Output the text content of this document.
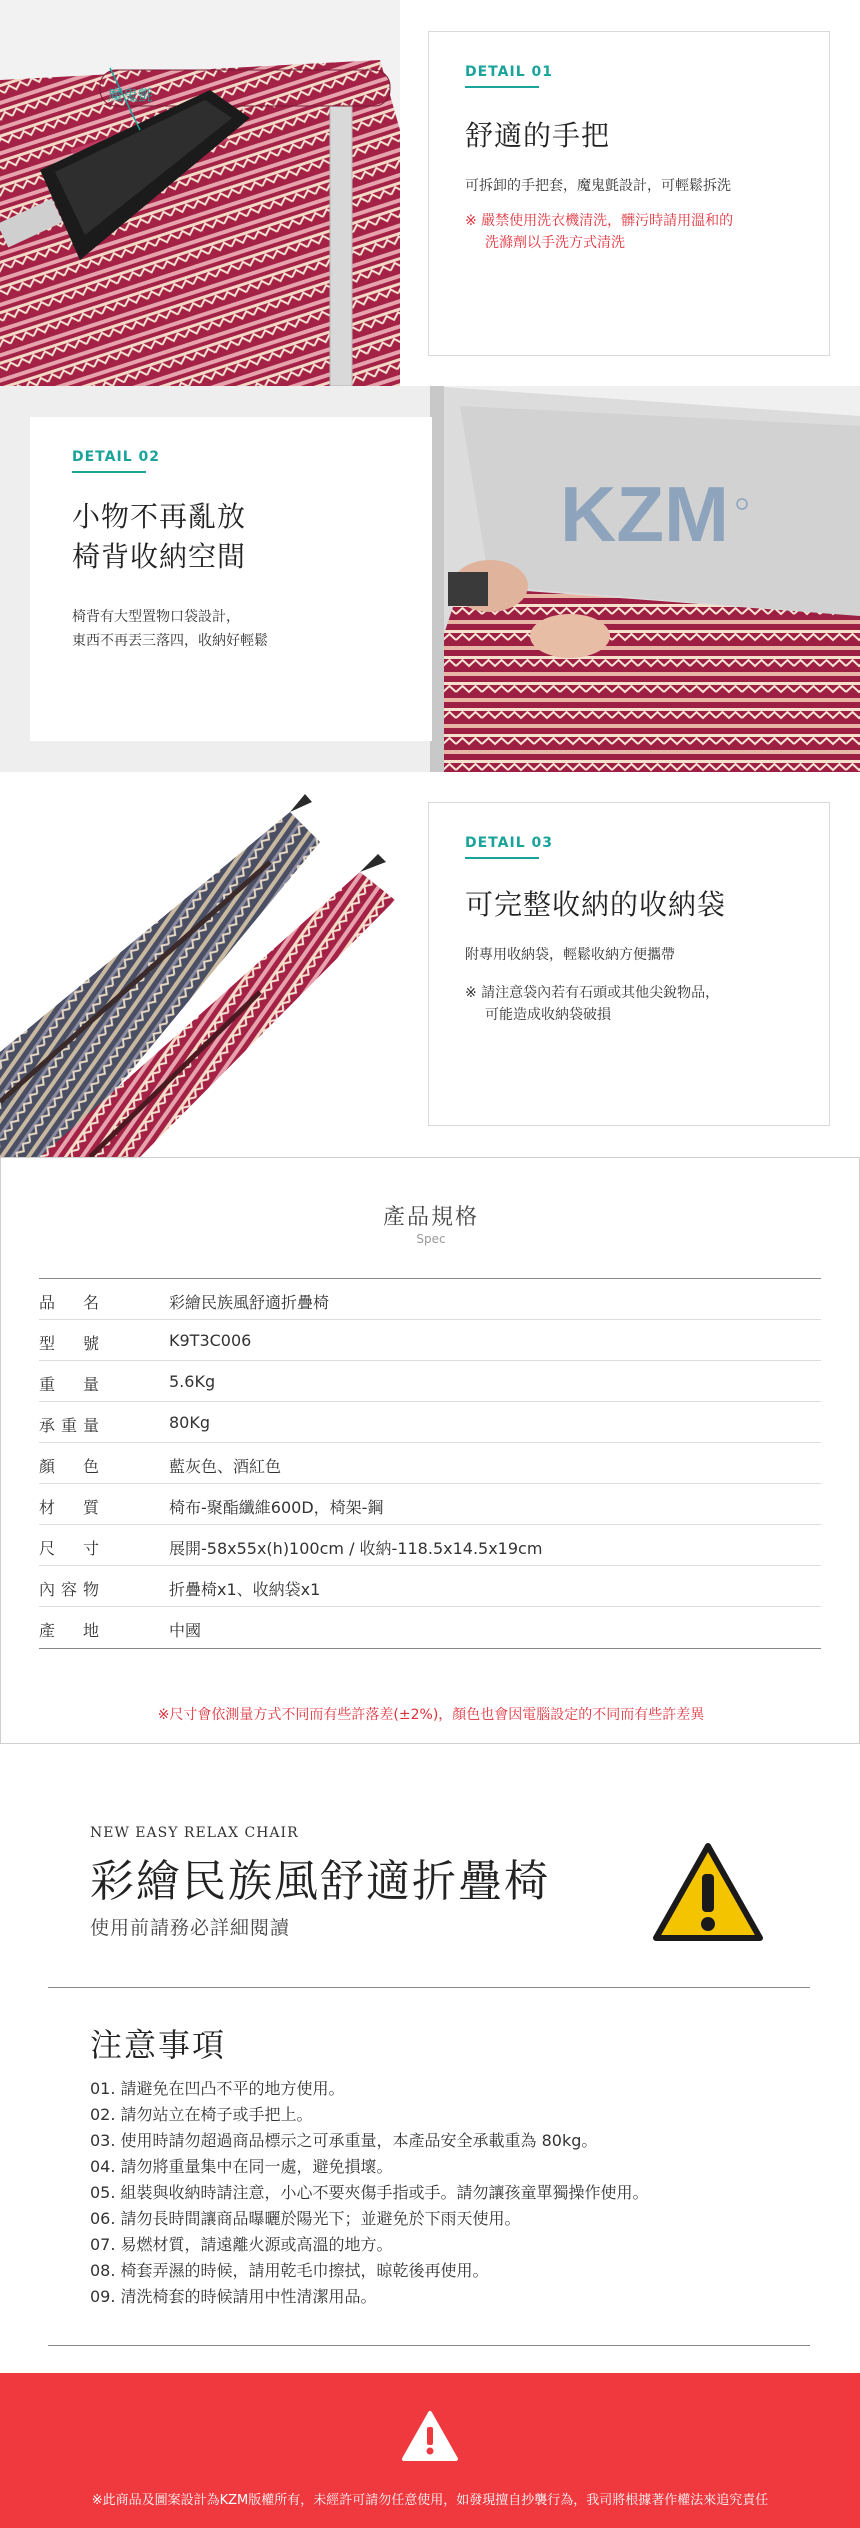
魔鬼氈
DETAIL 01
舒適的手把
可拆卸的手把套，魔鬼氈設計，可輕鬆拆洗
※ 嚴禁使用洗衣機清洗，髒污時請用溫和的
洗滌劑以手洗方式清洗
KZM
DETAIL 02
小物不再亂放
椅背收納空間
椅背有大型置物口袋設計，
東西不再丟三落四，收納好輕鬆
DETAIL 03
可完整收納的收納袋
附專用收納袋，輕鬆收納方便攜帶
※ 請注意袋內若有石頭或其他尖銳物品，
可能造成收納袋破損
產品規格
Spec
品名	彩繪民族風舒適折疊椅
型號	K9T3C006
重量	5.6Kg
承重量	80Kg
顏色	藍灰色、酒紅色
材質	椅布-聚酯纖維600D，椅架-鋼
尺寸	展開-58x55x(h)100cm / 收納-118.5x14.5x19cm
內容物	折疊椅x1、收納袋x1
產地	中國
※尺寸會依測量方式不同而有些許落差(±2%)，顏色也會因電腦設定的不同而有些許差異
NEW EASY RELAX CHAIR
彩繪民族風舒適折疊椅
使用前請務必詳細閱讀
注意事項
01. 請避免在凹凸不平的地方使用。
02. 請勿站立在椅子或手把上。
03. 使用時請勿超過商品標示之可承重量，本產品安全承載重為 80kg。
04. 請勿將重量集中在同一處，避免損壞。
05. 組裝與收納時請注意，小心不要夾傷手指或手。請勿讓孩童單獨操作使用。
06. 請勿長時間讓商品曝曬於陽光下；並避免於下雨天使用。
07. 易燃材質，請遠離火源或高溫的地方。
08. 椅套弄濕的時候，請用乾毛巾擦拭，晾乾後再使用。
09. 清洗椅套的時候請用中性清潔用品。
※此商品及圖案設計為KZM版權所有，未經許可請勿任意使用，如發現擅自抄襲行為，我司將根據著作權法來追究責任
